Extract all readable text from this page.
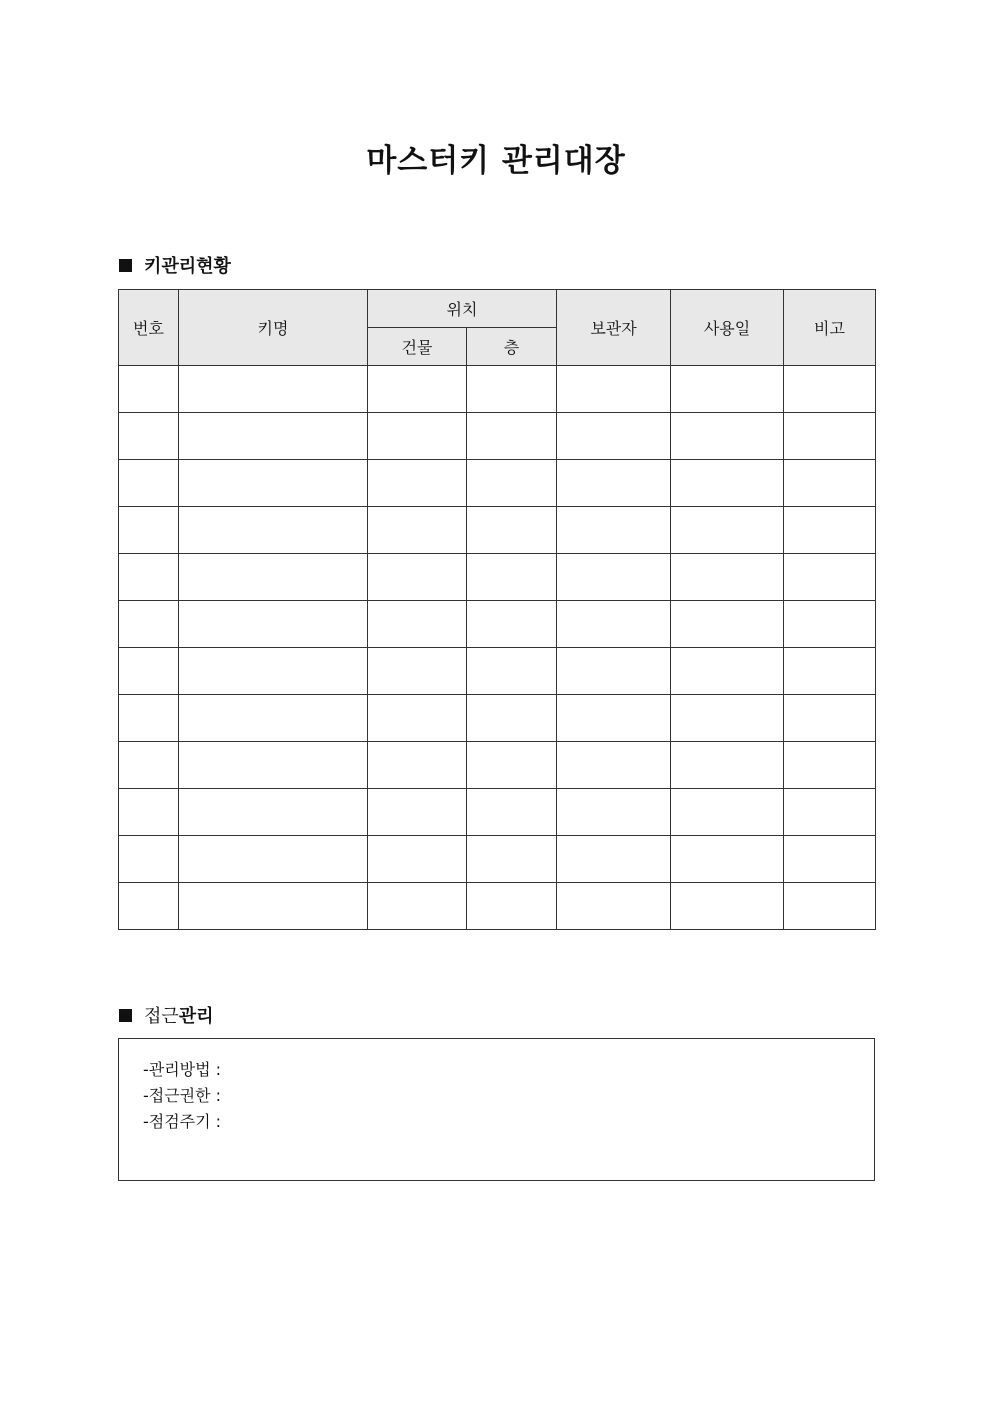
마스터키 관리대장
키관리현황
번호	키명	위치		보관자	사용일	비고
		건물	층			

접근 관리
-관리방법 :
-접근권한 :
-점검주기 :
